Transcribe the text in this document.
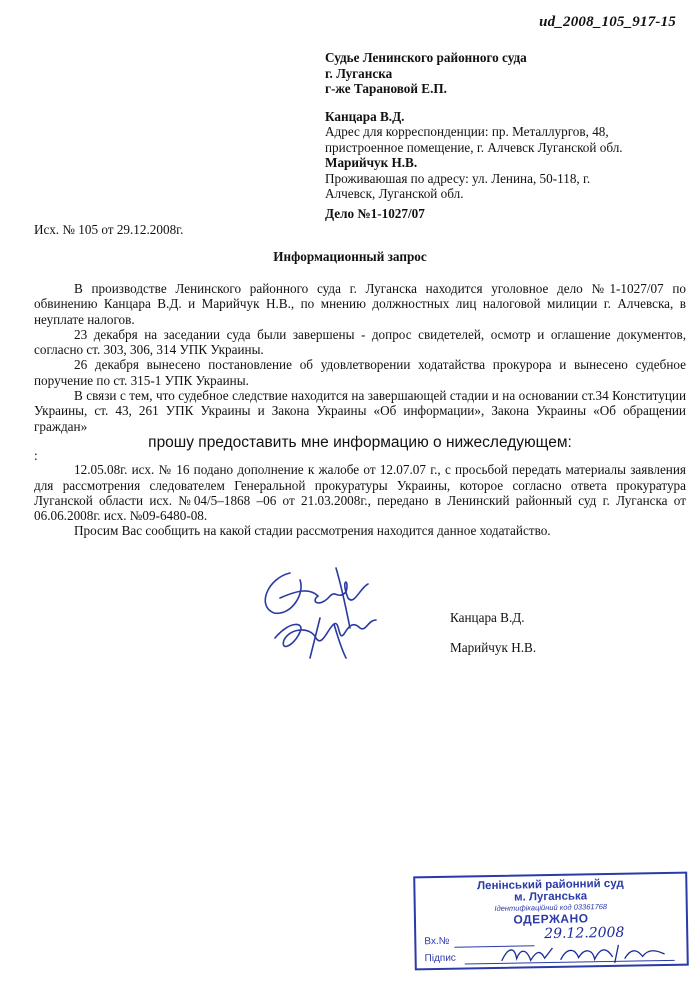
ud_2008_105_917-15
Судье Ленинского районного суда
г. Луганска
г-же Тарановой Е.П.
Канцара В.Д.
Адрес для корреспонденции: пр. Металлургов, 48,
пристроенное помещение, г. Алчевск Луганской обл.
Марийчук Н.В.
Проживаюшая по адресу: ул. Ленина, 50-118, г.
Алчевск, Луганской обл.
Дело №1-1027/07
Исх. № 105 от 29.12.2008г.
Информационный запрос

В производстве Ленинского районного суда г. Луганска находится уголовное дело №1-1027/07 по обвинению Канцара В.Д. и Марийчук Н.В., по мнению должностных лиц налоговой милиции г. Алчевска, в неуплате налогов.

23 декабря на заседании суда были завершены - допрос свидетелей, осмотр и оглашение документов, согласно ст. 303, 306, 314 УПК Украины.

26 декабря вынесено постановление об удовлетворении ходатайства прокурора и вынесено судебное поручение по ст. 315-1 УПК Украины.

В связи с тем, что судебное следствие находится на завершающей стадии и на основании ст.34 Конституции Украины, ст. 43, 261 УПК Украины и Закона Украины «Об информации», Закона Украины «Об обращении граждан»

прошу предоставить мне информацию о нижеследующем:

:

12.05.08г. исх. № 16 подано дополнение к жалобе от 12.07.07 г., с просьбой передать материалы заявления для рассмотрения следователем Генеральной прокуратуры Украины, которое согласно ответа прокуратура Луганской области исх. №04/5–1868 –06 от 21.03.2008г., передано в Ленинский районный суд г. Луганска от 06.06.2008г. исх. №09-6480-08.

Просим Вас сообщить на какой стадии рассмотрения находится данное ходатайство.

Канцара В.Д.
Марийчук Н.В.
Ленінський районний суд
м. Луганська
Ідентифікаційний код 03361768
ОДЕРЖАНО
Вх.№
Підпис
29.12.2008
